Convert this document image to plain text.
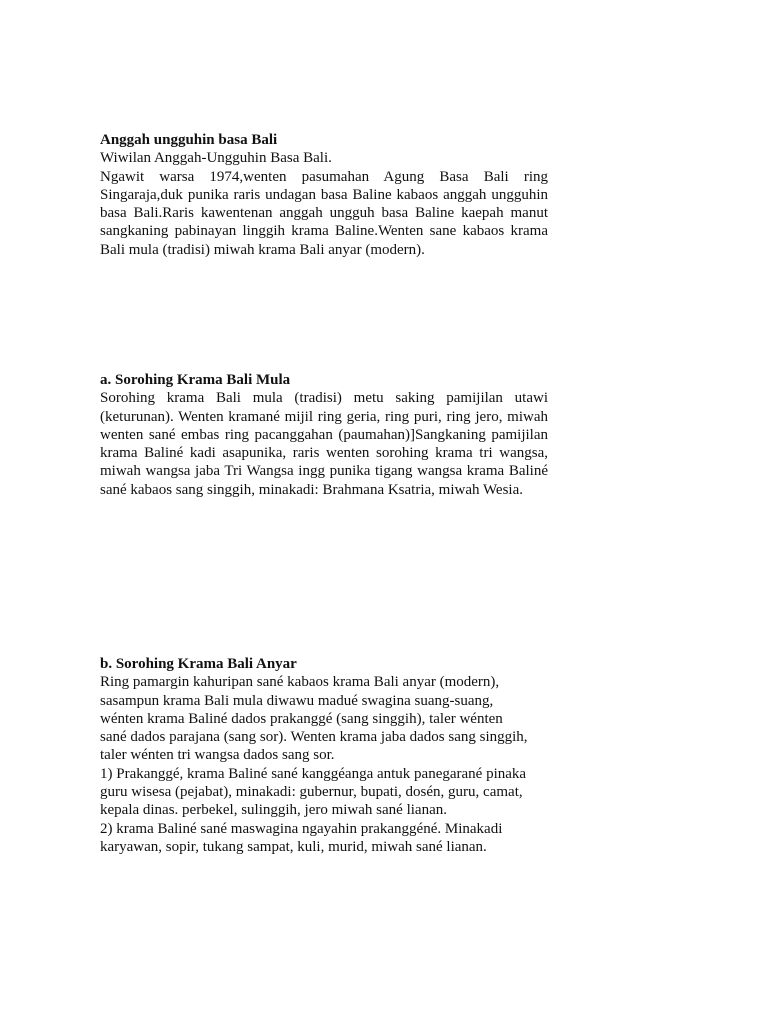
Anggah ungguhin basa Bali

Wiwilan Anggah-Ungguhin Basa Bali.

Ngawit warsa 1974,wenten pasumahan Agung Basa Bali ring Singaraja,duk punika raris undagan basa Baline kabaos anggah ungguhin basa Bali.Raris kawentenan anggah ungguh basa Baline kaepah manut sangkaning pabinayan linggih krama Baline.Wenten sane kabaos krama Bali mula (tradisi) miwah krama Bali anyar (modern).

a. Sorohing Krama Bali Mula

Sorohing krama Bali mula (tradisi) metu saking pamijilan utawi (keturunan). Wenten kramané mijil ring geria, ring puri, ring jero, miwah wenten sané embas ring pacanggahan (paumahan)]Sangkaning pamijilan krama Baliné kadi asapunika, raris wenten sorohing krama tri wangsa, miwah wangsa jaba Tri Wangsa ingg punika tigang wangsa krama Baliné sané kabaos sang singgih, minakadi: Brahmana Ksatria, miwah Wesia.

b. Sorohing Krama Bali Anyar

Ring pamargin kahuripan sané kabaos krama Bali anyar (modern),

sasampun krama Bali mula diwawu madué swagina suang-suang,

wénten krama Baliné dados prakanggé (sang singgih), taler wénten

sané dados parajana (sang sor). Wenten krama jaba dados sang singgih,

taler wénten tri wangsa dados sang sor.

1) Prakanggé, krama Baliné sané kanggéanga antuk panegarané pinaka

guru wisesa (pejabat), minakadi: gubernur, bupati, dosén, guru, camat,

kepala dinas. perbekel, sulinggih, jero miwah sané lianan.

2) krama Baliné sané maswagina ngayahin prakanggéné. Minakadi

karyawan, sopir, tukang sampat, kuli, murid, miwah sané lianan.
